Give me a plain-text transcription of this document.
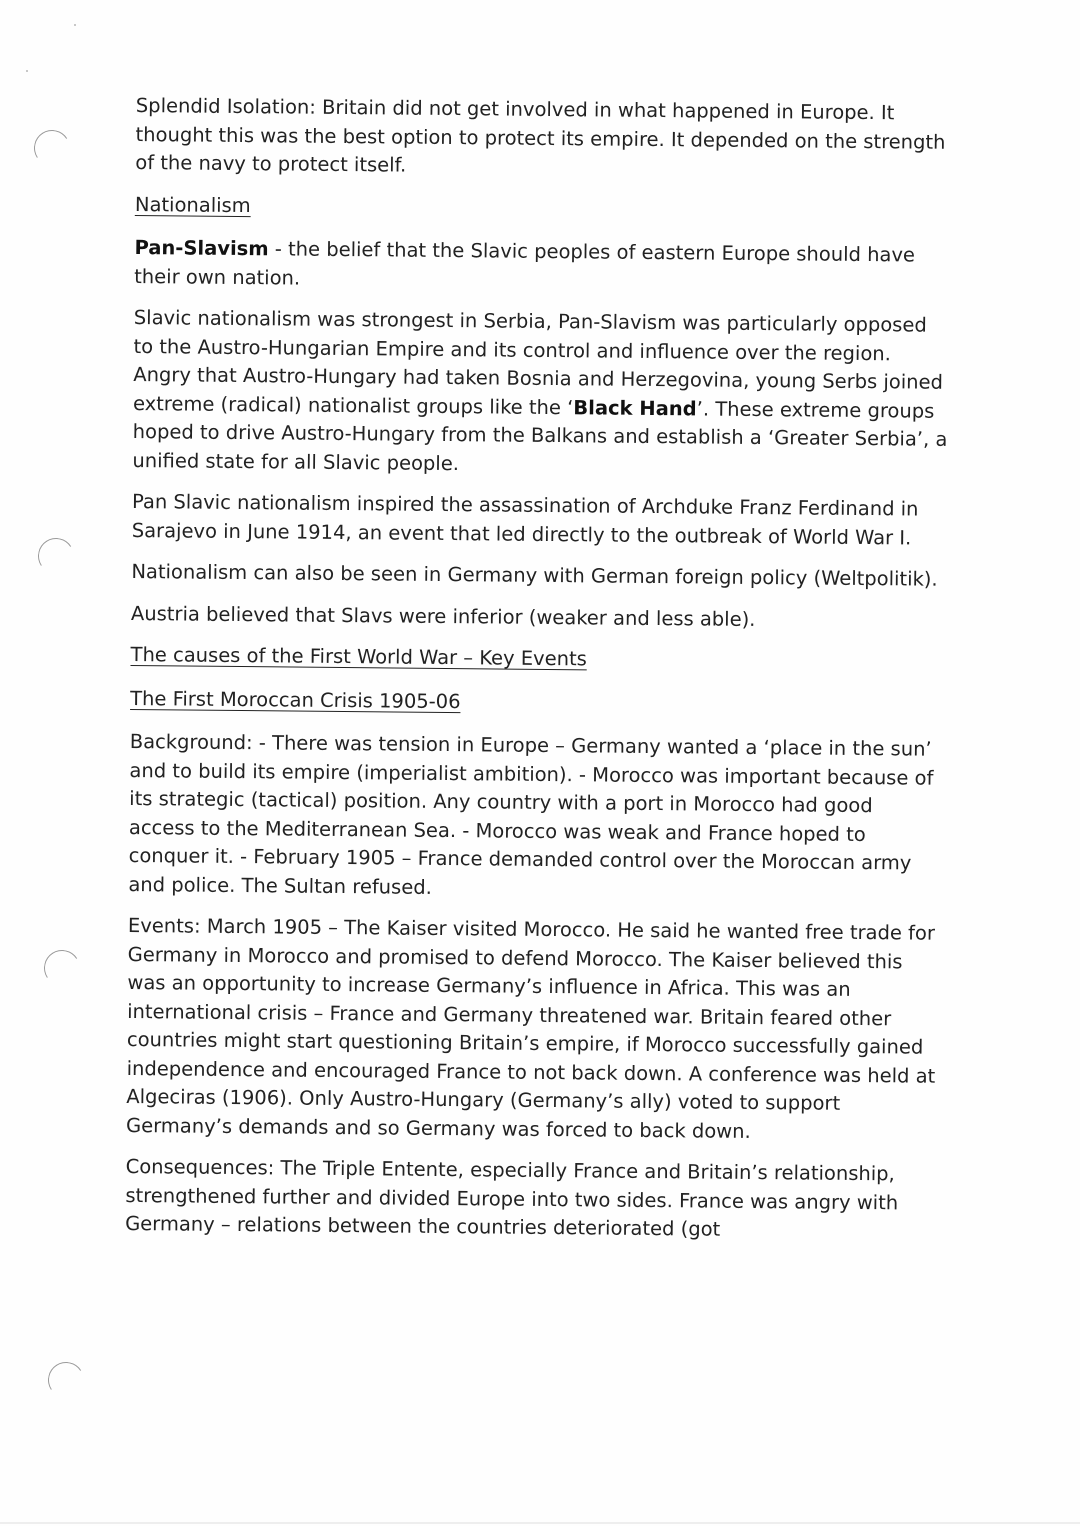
Splendid Isolation: Britain did not get involved in what happened in Europe. It thought this was the best option to protect its empire. It depended on the strength of the navy to protect itself.

Nationalism

Pan-Slavism - the belief that the Slavic peoples of eastern Europe should have their own nation.

Slavic nationalism was strongest in Serbia, Pan-Slavism was particularly opposed to the Austro-Hungarian Empire and its control and influence over the region. Angry that Austro-Hungary had taken Bosnia and Herzegovina, young Serbs joined extreme (radical) nationalist groups like the ‘Black Hand’. These extreme groups hoped to drive Austro-Hungary from the Balkans and establish a ‘Greater Serbia’, a unified state for all Slavic people.

Pan Slavic nationalism inspired the assassination of Archduke Franz Ferdinand in Sarajevo in June 1914, an event that led directly to the outbreak of World War I.

Nationalism can also be seen in Germany with German foreign policy (Weltpolitik).

Austria believed that Slavs were inferior (weaker and less able).

The causes of the First World War – Key Events

The First Moroccan Crisis 1905-06

Background: - There was tension in Europe – Germany wanted a ‘place in the sun’ and to build its empire (imperialist ambition). - Morocco was important because of its strategic (tactical) position. Any country with a port in Morocco had good access to the Mediterranean Sea. - Morocco was weak and France hoped to conquer it. - February 1905 – France demanded control over the Moroccan army and police. The Sultan refused.

Events: March 1905 – The Kaiser visited Morocco. He said he wanted free trade for Germany in Morocco and promised to defend Morocco. The Kaiser believed this was an opportunity to increase Germany’s influence in Africa. This was an international crisis – France and Germany threatened war. Britain feared other countries might start questioning Britain’s empire, if Morocco successfully gained independence and encouraged France to not back down. A conference was held at Algeciras (1906). Only Austro-Hungary (Germany’s ally) voted to support Germany’s demands and so Germany was forced to back down.

Consequences: The Triple Entente, especially France and Britain’s relationship, strengthened further and divided Europe into two sides. France was angry with Germany – relations between the countries deteriorated (got
